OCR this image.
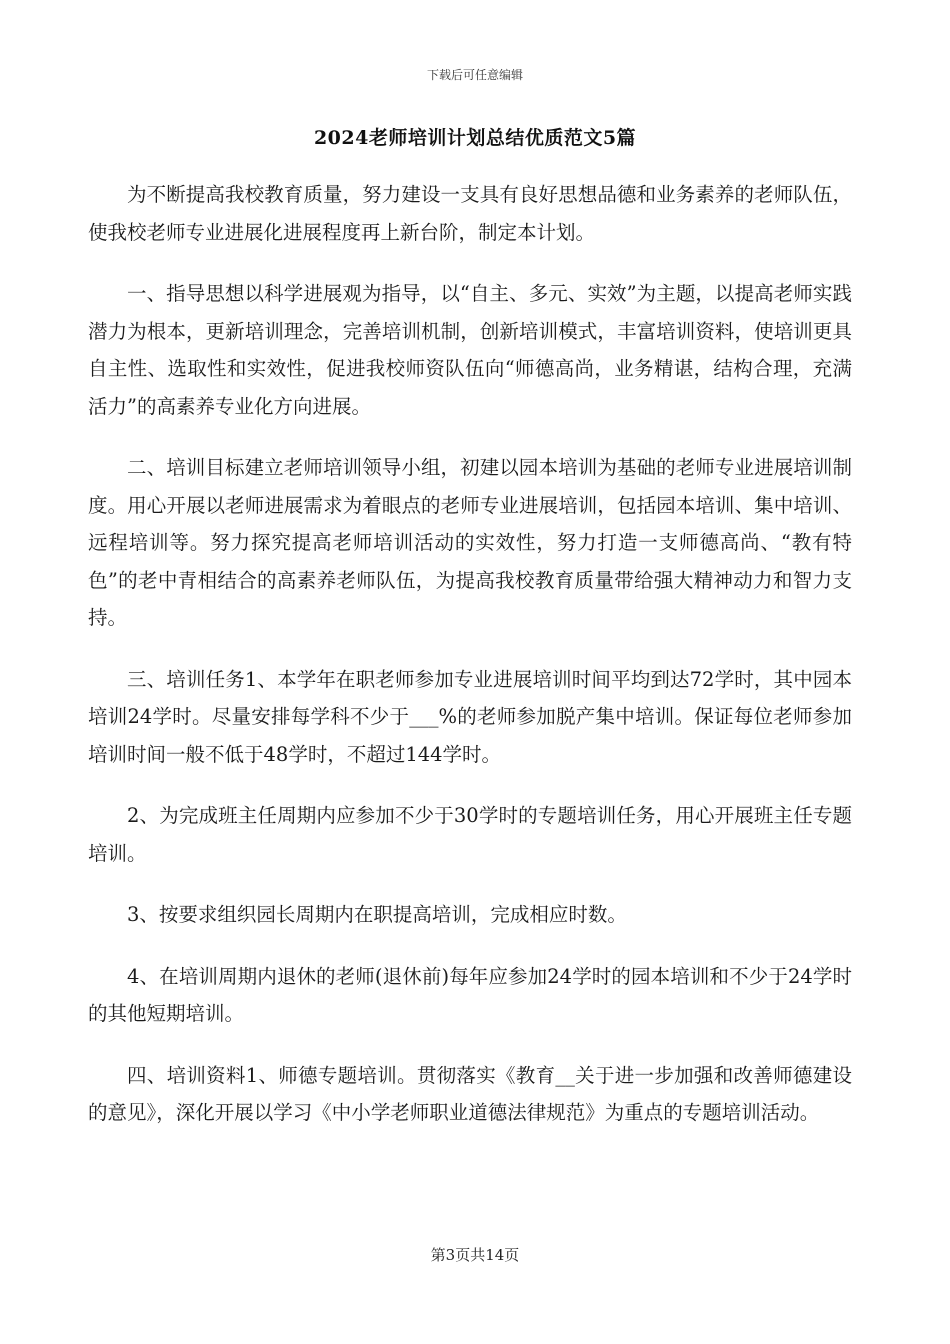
下载后可任意编辑
2024老师培训计划总结优质范文5篇

为不断提高我校教育质量，努力建设一支具有良好思想品德和业务素养的老师队伍，使我校老师专业进展化进展程度再上新台阶，制定本计划。

一、指导思想以科学进展观为指导，以“自主、多元、实效”为主题，以提高老师实践潜力为根本，更新培训理念，完善培训机制，创新培训模式，丰富培训资料，使培训更具自主性、选取性和实效性，促进我校师资队伍向“师德高尚，业务精谌，结构合理，充满活力”的高素养专业化方向进展。

二、培训目标建立老师培训领导小组，初建以园本培训为基础的老师专业进展培训制度。用心开展以老师进展需求为着眼点的老师专业进展培训，包括园本培训、集中培训、远程培训等。努力探究提高老师培训活动的实效性，努力打造一支师德高尚、“教有特色”的老中青相结合的高素养老师队伍，为提高我校教育质量带给强大精神动力和智力支持。

三、培训任务1、本学年在职老师参加专业进展培训时间平均到达72学时，其中园本培训24学时。尽量安排每学科不少于___%的老师参加脱产集中培训。保证每位老师参加培训时间一般不低于48学时，不超过144学时。

2、为完成班主任周期内应参加不少于30学时的专题培训任务，用心开展班主任专题培训。

3、按要求组织园长周期内在职提高培训，完成相应时数。

4、在培训周期内退休的老师(退休前)每年应参加24学时的园本培训和不少于24学时的其他短期培训。

四、培训资料1、师德专题培训。贯彻落实《教育__关于进一步加强和改善师德建设的意见》，深化开展以学习《中小学老师职业道德法律规范》为重点的专题培训活动。

第3页共14页
